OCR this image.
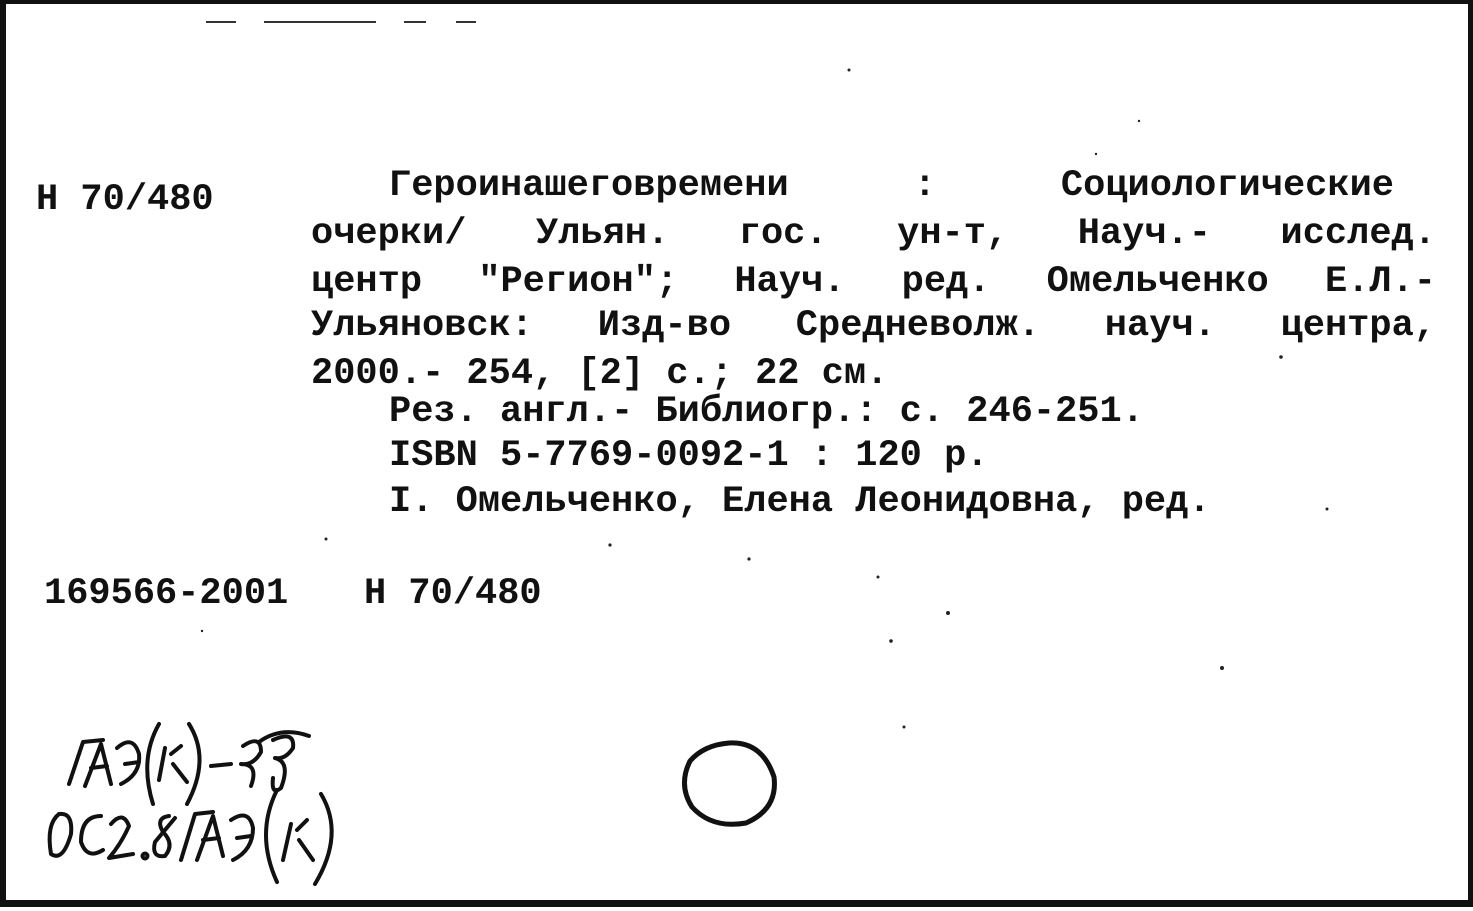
Н 70/480	Героинашеговремени	:	Социологические
очерки/ Ульян. гос. ун-т, Науч.- исслед.
центр "Регион"; Науч. ред. Омельченко Е.Л.-
Ульяновск: Изд-во Средневолж. науч. центра,
2000.- 254, [2] с.; 22 см.
Рез. англ.- Библиогр.: с. 246-251.
ISBN 5-7769-0092-1 : 120 р.
I. Омельченко, Елена Леонидовна, ред.
169566-2001 Н 70/480
